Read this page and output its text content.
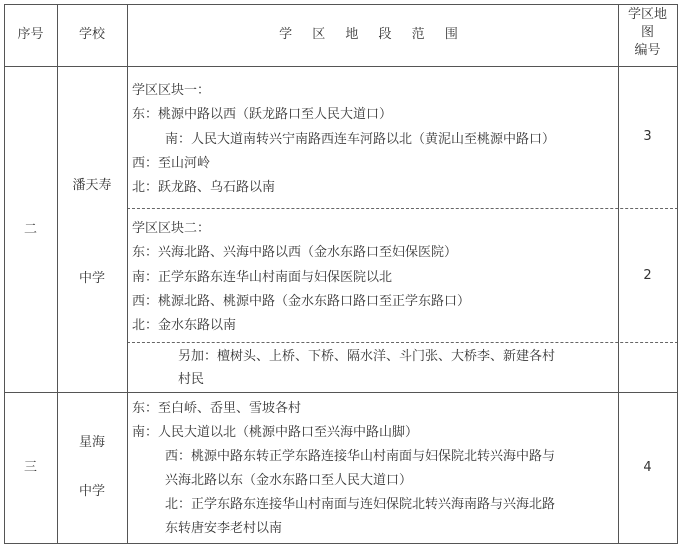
序号	学校	学 区 地 段 范 围
学区地
图
编号
二
潘天寿
中学
学区区块一：
东：桃源中路以西（跃龙路口至人民大道口）
南：人民大道南转兴宁南路西连车河路以北（黄泥山至桃源中路口）
西：至山河岭
北：跃龙路、乌石路以南
3
学区区块二：
东：兴海北路、兴海中路以西（金水东路口至妇保医院）
南：正学东路东连华山村南面与妇保医院以北
西：桃源北路、桃源中路（金水东路口路口至正学东路口）
北：金水东路以南
2
另加：檀树头、上桥、下桥、隔水洋、斗门张、大桥李、新建各村
村民
三
星海
中学
东：至白峤、岙里、雪坡各村
南：人民大道以北（桃源中路口至兴海中路山脚）
西：桃源中路东转正学东路连接华山村南面与妇保院北转兴海中路与
兴海北路以东（金水东路口至人民大道口）
北：正学东路东连接华山村南面与连妇保院北转兴海南路与兴海北路
东转唐安李老村以南
4
